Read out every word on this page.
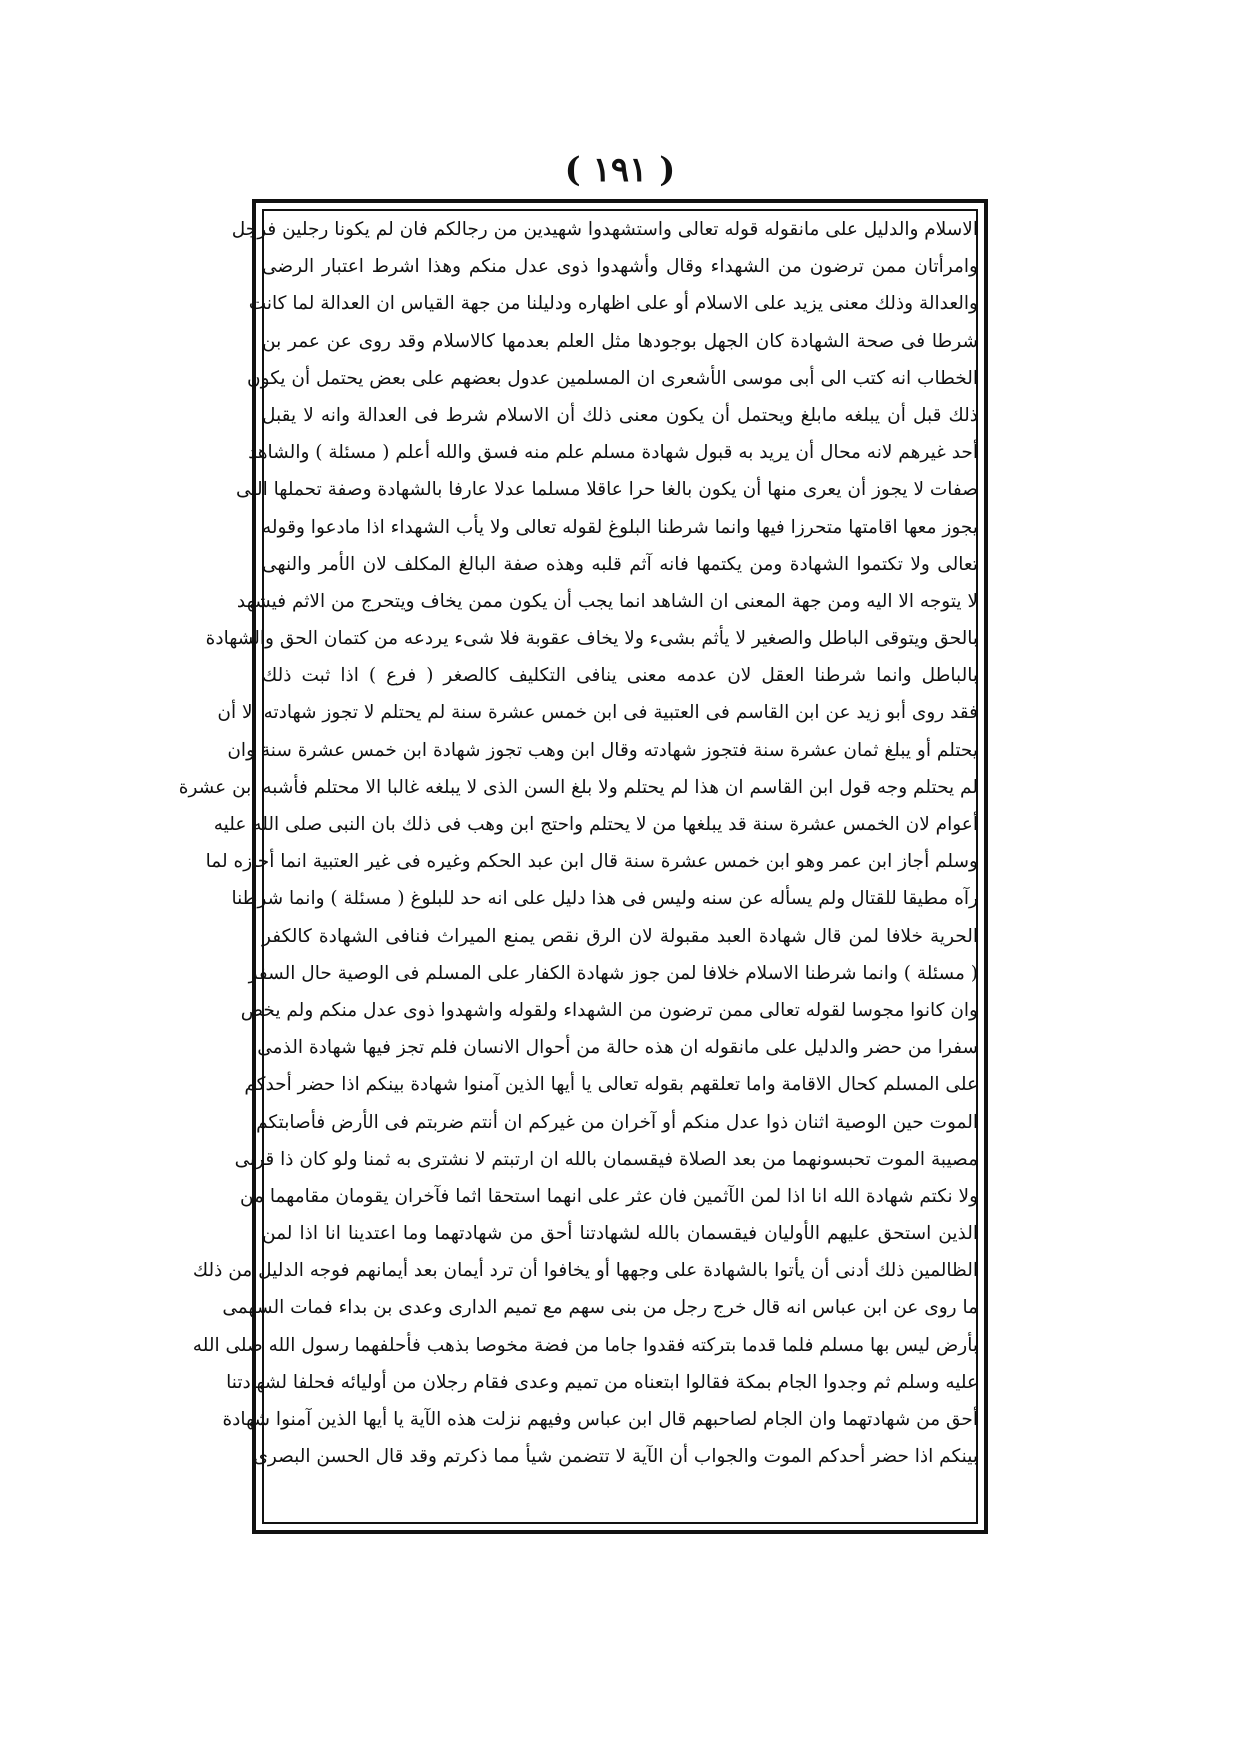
( ١٩١ )
الاسلام والدليل على مانقوله قوله تعالى واستشهدوا شهيدين من رجالكم فان لم يكونا رجلين فرجل
وامرأتان ممن ترضون من الشهداء وقال وأشهدوا ذوى عدل منكم وهذا اشرط اعتبار الرضى
والعدالة وذلك معنى يزيد على الاسلام أو على اظهاره ودليلنا من جهة القياس ان العدالة لما كانت
شرطا فى صحة الشهادة كان الجهل بوجودها مثل العلم بعدمها كالاسلام وقد روى عن عمر بن
الخطاب انه كتب الى أبى موسى الأشعرى ان المسلمين عدول بعضهم على بعض يحتمل أن يكون
ذلك قبل أن يبلغه مابلغ ويحتمل أن يكون معنى ذلك أن الاسلام شرط فى العدالة وانه لا يقبل
أحد غيرهم لانه محال أن يريد به قبول شهادة مسلم علم منه فسق والله أعلم ( مسئلة ) والشاهد
صفات لا يجوز أن يعرى منها أن يكون بالغا حرا عاقلا مسلما عدلا عارفا بالشهادة وصفة تحملها التى
يجوز معها اقامتها متحرزا فيها وانما شرطنا البلوغ لقوله تعالى ولا يأب الشهداء اذا مادعوا وقوله
تعالى ولا تكتموا الشهادة ومن يكتمها فانه آثم قلبه وهذه صفة البالغ المكلف لان الأمر والنهى
لا يتوجه الا اليه ومن جهة المعنى ان الشاهد انما يجب أن يكون ممن يخاف ويتحرج من الاثم فيشهد
بالحق ويتوقى الباطل والصغير لا يأثم بشىء ولا يخاف عقوبة فلا شىء يردعه من كتمان الحق والشهادة
بالباطل وانما شرطنا العقل لان عدمه معنى ينافى التكليف كالصغر ( فرع ) اذا ثبت ذلك
فقد روى أبو زيد عن ابن القاسم فى العتبية فى ابن خمس عشرة سنة لم يحتلم لا تجوز شهادته الا أن
يحتلم أو يبلغ ثمان عشرة سنة فتجوز شهادته وقال ابن وهب تجوز شهادة ابن خمس عشرة سنة وان
لم يحتلم وجه قول ابن القاسم ان هذا لم يحتلم ولا بلغ السن الذى لا يبلغه غالبا الا محتلم فأشبه ابن عشرة
أعوام لان الخمس عشرة سنة قد يبلغها من لا يحتلم واحتج ابن وهب فى ذلك بان النبى صلى الله عليه
وسلم أجاز ابن عمر وهو ابن خمس عشرة سنة قال ابن عبد الحكم وغيره فى غير العتبية انما أجازه لما
رآه مطيقا للقتال ولم يسأله عن سنه وليس فى هذا دليل على انه حد للبلوغ ( مسئلة ) وانما شرطنا
الحرية خلافا لمن قال شهادة العبد مقبولة لان الرق نقص يمنع الميراث فنافى الشهادة كالكفر
( مسئلة ) وانما شرطنا الاسلام خلافا لمن جوز شهادة الكفار على المسلم فى الوصية حال السفر
وان كانوا مجوسا لقوله تعالى ممن ترضون من الشهداء ولقوله واشهدوا ذوى عدل منكم ولم يخص
سفرا من حضر والدليل على مانقوله ان هذه حالة من أحوال الانسان فلم تجز فيها شهادة الذمى
على المسلم كحال الاقامة واما تعلقهم بقوله تعالى يا أيها الذين آمنوا شهادة بينكم اذا حضر أحدكم
الموت حين الوصية اثنان ذوا عدل منكم أو آخران من غيركم ان أنتم ضربتم فى الأرض فأصابتكم
مصيبة الموت تحبسونهما من بعد الصلاة فيقسمان بالله ان ارتبتم لا نشترى به ثمنا ولو كان ذا قربى
ولا نكتم شهادة الله انا اذا لمن الآثمين فان عثر على انهما استحقا اثما فآخران يقومان مقامهما من
الذين استحق عليهم الأوليان فيقسمان بالله لشهادتنا أحق من شهادتهما وما اعتدينا انا اذا لمن
الظالمين ذلك أدنى أن يأتوا بالشهادة على وجهها أو يخافوا أن ترد أيمان بعد أيمانهم فوجه الدليل من ذلك
ما روى عن ابن عباس انه قال خرج رجل من بنى سهم مع تميم الدارى وعدى بن بداء فمات السهمى
بأرض ليس بها مسلم فلما قدما بتركته فقدوا جاما من فضة مخوصا بذهب فأحلفهما رسول الله صلى الله
عليه وسلم ثم وجدوا الجام بمكة فقالوا ابتعناه من تميم وعدى فقام رجلان من أوليائه فحلفا لشهادتنا
أحق من شهادتهما وان الجام لصاحبهم قال ابن عباس وفيهم نزلت هذه الآية يا أيها الذين آمنوا شهادة
بينكم اذا حضر أحدكم الموت والجواب أن الآية لا تتضمن شيأ مما ذكرتم وقد قال الحسن البصرى
